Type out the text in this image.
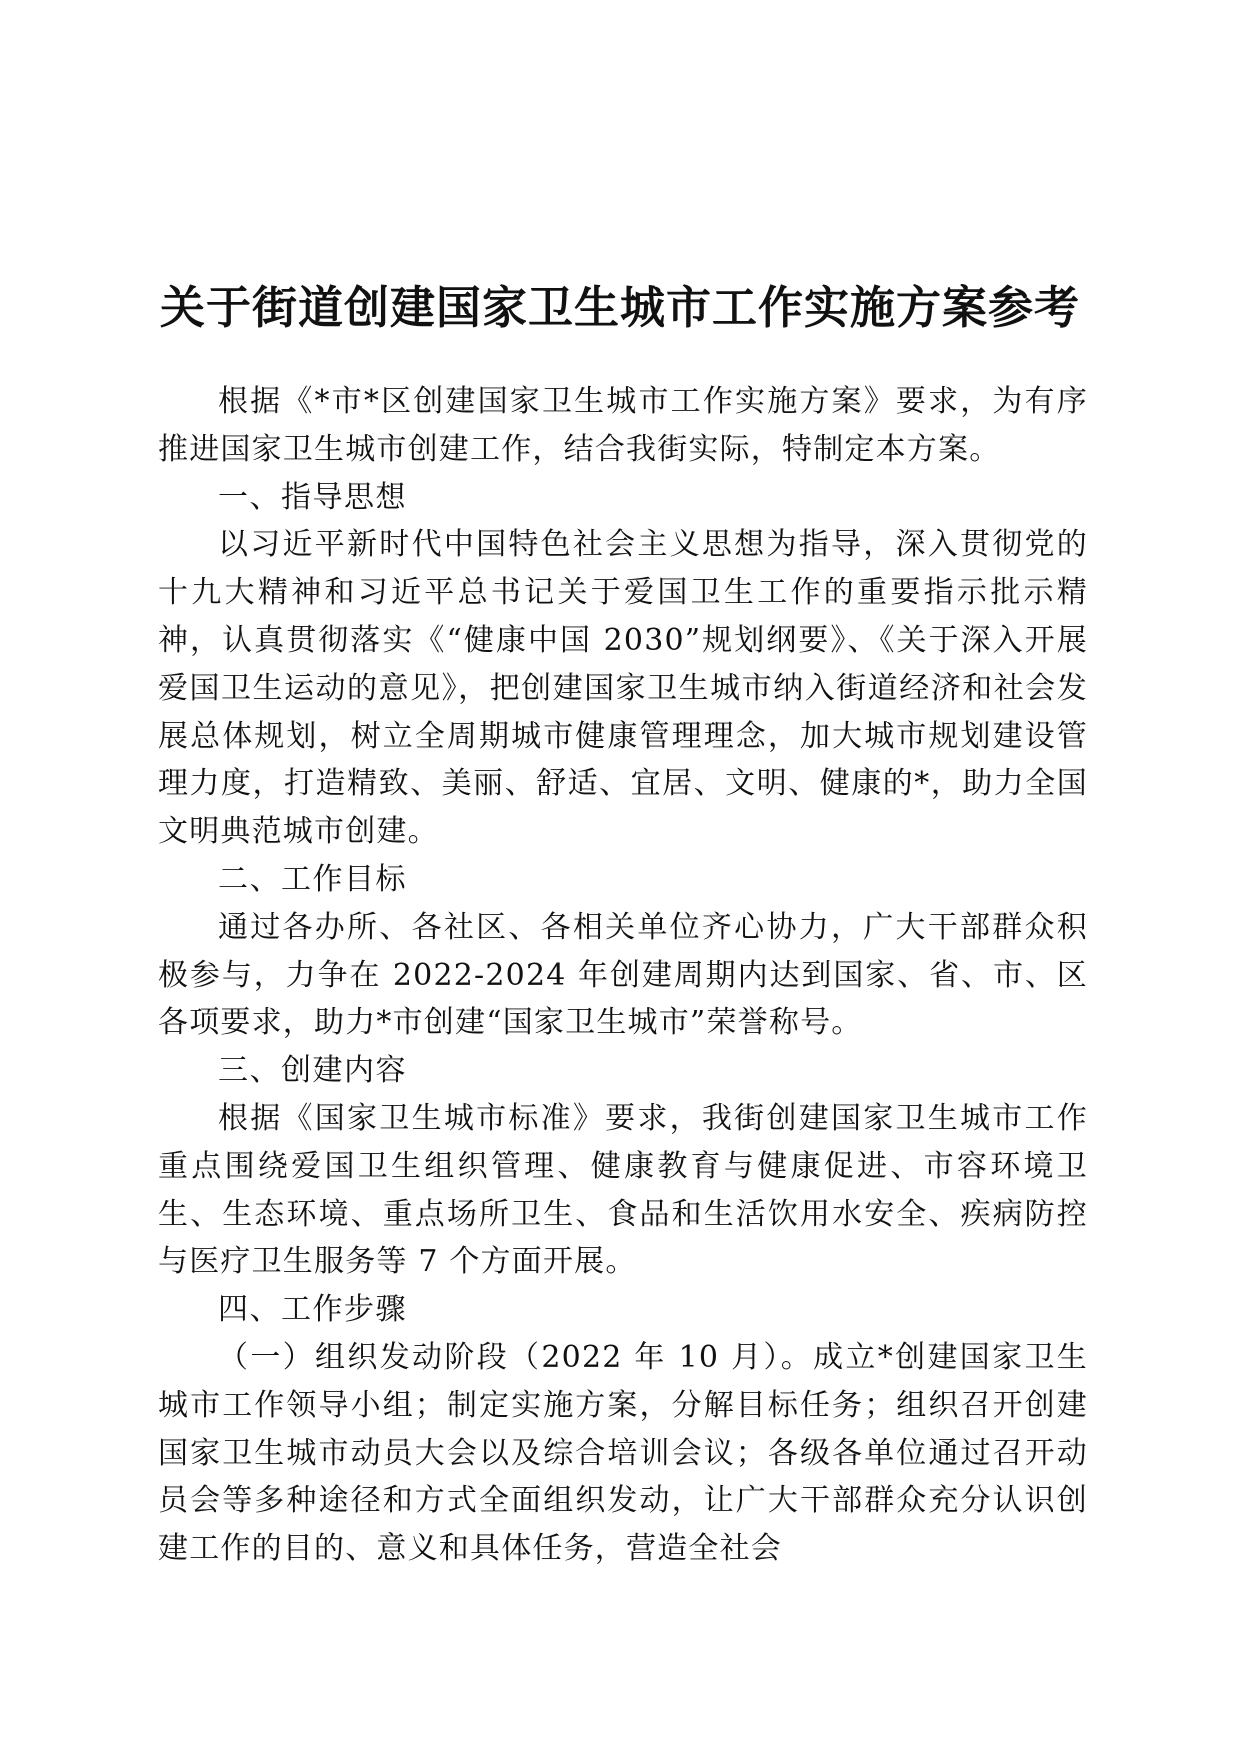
关于街道创建国家卫生城市工作实施方案参考

根据《*市*区创建国家卫生城市工作实施方案》要求，为有序推进国家卫生城市创建工作，结合我街实际，特制定本方案。

一、指导思想

以习近平新时代中国特色社会主义思想为指导，深入贯彻党的十九大精神和习近平总书记关于爱国卫生工作的重要指示批示精神，认真贯彻落实《“健康中国 2030”规划纲要》、《关于深入开展爱国卫生运动的意见》，把创建国家卫生城市纳入街道经济和社会发展总体规划，树立全周期城市健康管理理念，加大城市规划建设管理力度，打造精致、美丽、舒适、宜居、文明、健康的*，助力全国文明典范城市创建。

二、工作目标

通过各办所、各社区、各相关单位齐心协力，广大干部群众积极参与，力争在 2022-2024 年创建周期内达到国家、省、市、区各项要求，助力*市创建“国家卫生城市”荣誉称号。

三、创建内容

根据《国家卫生城市标准》要求，我街创建国家卫生城市工作重点围绕爱国卫生组织管理、健康教育与健康促进、市容环境卫生、生态环境、重点场所卫生、食品和生活饮用水安全、疾病防控与医疗卫生服务等 7 个方面开展。

四、工作步骤

（一）组织发动阶段（2022 年 10 月）。成立*创建国家卫生城市工作领导小组；制定实施方案，分解目标任务；组织召开创建国家卫生城市动员大会以及综合培训会议；各级各单位通过召开动员会等多种途径和方式全面组织发动，让广大干部群众充分认识创建工作的目的、意义和具体任务，营造全社会
